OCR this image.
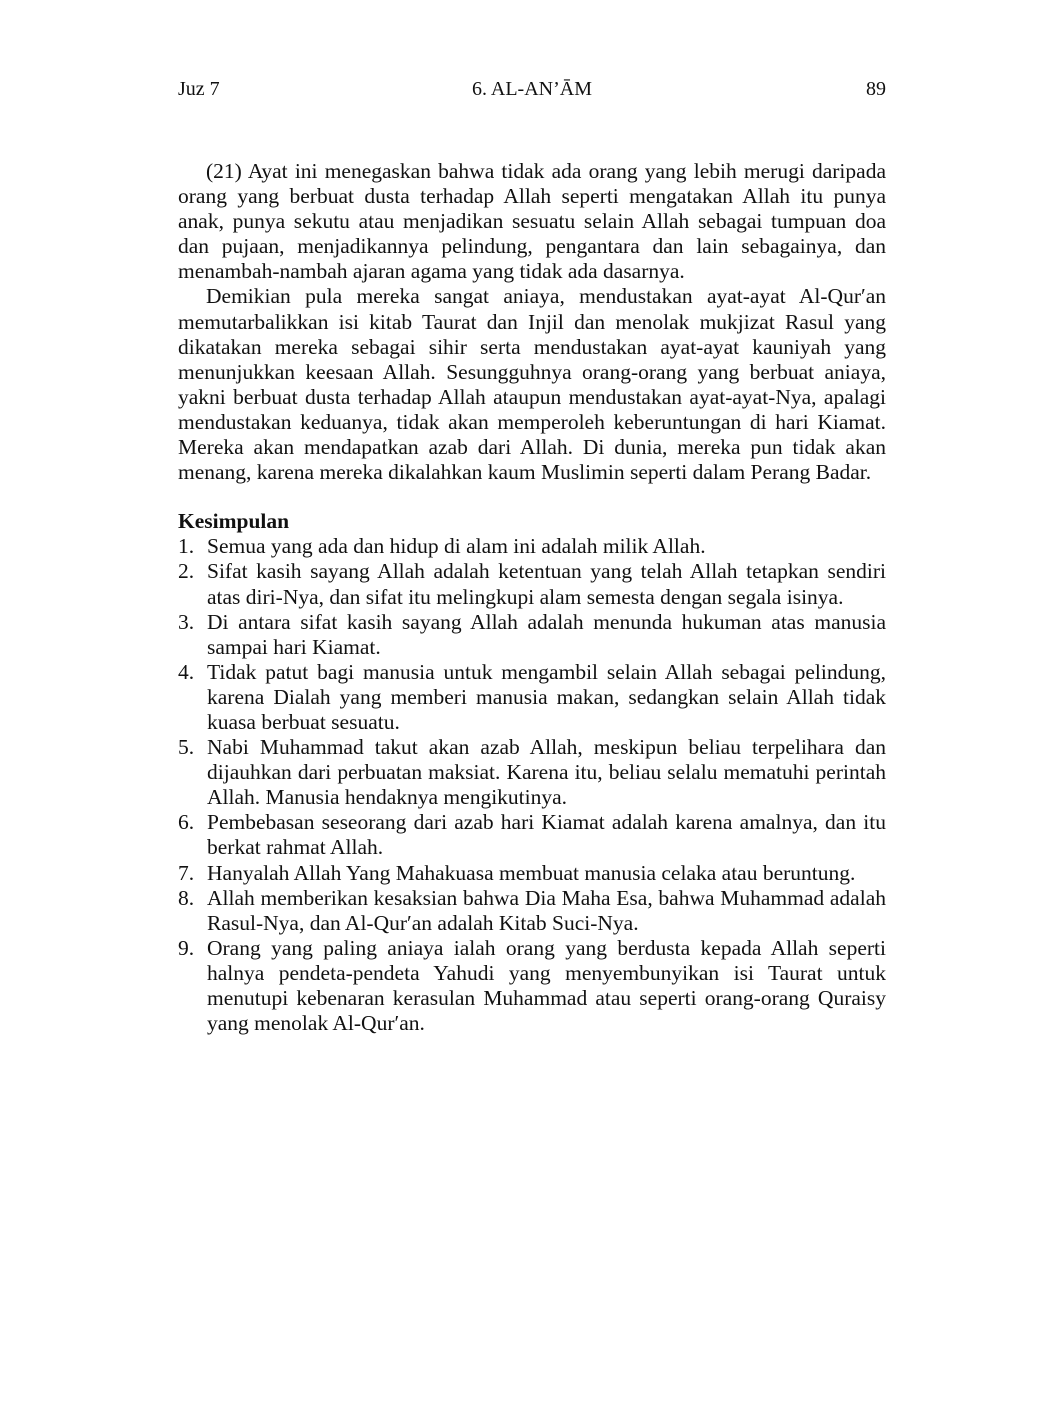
Juz 7	6. AL-AN’ĀM	89

(21) Ayat ini menegaskan bahwa tidak ada orang yang lebih merugi daripada orang yang berbuat dusta terhadap Allah seperti mengatakan Allah itu punya anak, punya sekutu atau menjadikan sesuatu selain Allah sebagai tumpuan doa dan pujaan, menjadikannya pelindung, pengantara dan lain sebagainya, dan menambah-nambah ajaran agama yang tidak ada dasarnya.

Demikian pula mereka sangat aniaya, mendustakan ayat-ayat Al-Qur′an memutarbalikkan isi kitab Taurat dan Injil dan menolak mukjizat Rasul yang dikatakan mereka sebagai sihir serta mendustakan ayat-ayat kauniyah yang menunjukkan keesaan Allah. Sesungguhnya orang-orang yang berbuat aniaya, yakni berbuat dusta terhadap Allah ataupun mendustakan ayat-ayat-Nya, apalagi mendustakan keduanya, tidak akan memperoleh keberuntungan di hari Kiamat. Mereka akan mendapatkan azab dari Allah. Di dunia, mereka pun tidak akan menang, karena mereka dikalahkan kaum Muslimin seperti dalam Perang Badar.

Kesimpulan
1. Semua yang ada dan hidup di alam ini adalah milik Allah.
2. Sifat kasih sayang Allah adalah ketentuan yang telah Allah tetapkan sendiri atas diri-Nya, dan sifat itu melingkupi alam semesta dengan segala isinya.
3. Di antara sifat kasih sayang Allah adalah menunda hukuman atas manusia sampai hari Kiamat.
4. Tidak patut bagi manusia untuk mengambil selain Allah sebagai pelindung, karena Dialah yang memberi manusia makan, sedangkan selain Allah tidak kuasa berbuat sesuatu.
5. Nabi Muhammad takut akan azab Allah, meskipun beliau terpelihara dan dijauhkan dari perbuatan maksiat. Karena itu, beliau selalu mematuhi perintah Allah. Manusia hendaknya mengikutinya.
6. Pembebasan seseorang dari azab hari Kiamat adalah karena amalnya, dan itu berkat rahmat Allah.
7. Hanyalah Allah Yang Mahakuasa membuat manusia celaka atau beruntung.
8. Allah memberikan kesaksian bahwa Dia Maha Esa, bahwa Muhammad adalah Rasul-Nya, dan Al-Qur′an adalah Kitab Suci-Nya.
9. Orang yang paling aniaya ialah orang yang berdusta kepada Allah seperti halnya pendeta-pendeta Yahudi yang menyembunyikan isi Taurat untuk menutupi kebenaran kerasulan Muhammad atau seperti orang-orang Quraisy yang menolak Al-Qur′an.
